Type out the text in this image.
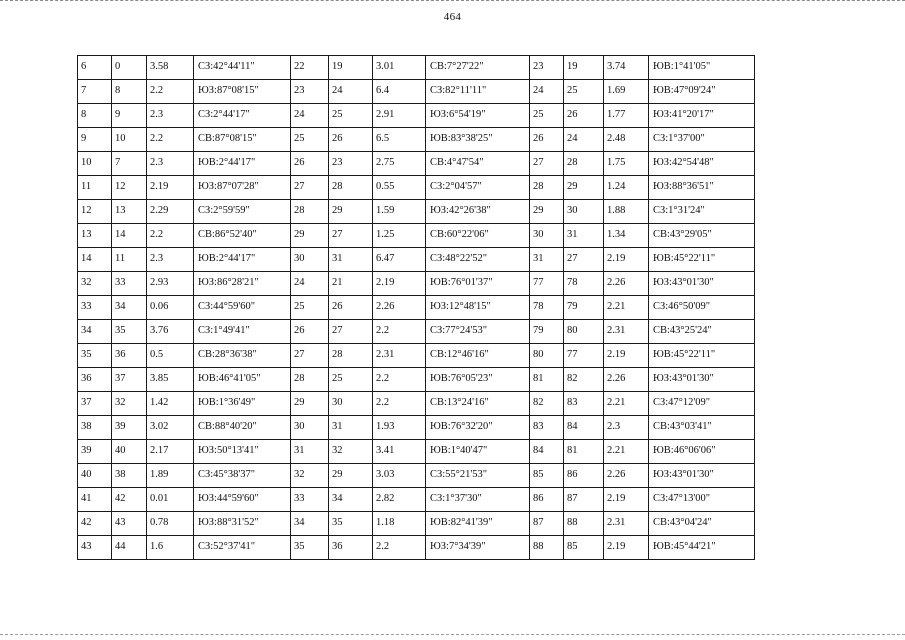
464
6	0	3.58	СЗ:42°44'11"	22	19	3.01	СВ:7°27'22"	23	19	3.74	ЮВ:1°41'05"
7	8	2.2	ЮЗ:87°08'15"	23	24	6.4	СЗ:82°11'11"	24	25	1.69	ЮВ:47°09'24"
8	9	2.3	СЗ:2°44'17"	24	25	2.91	ЮЗ:6°54'19"	25	26	1.77	ЮЗ:41°20'17"
9	10	2.2	СВ:87°08'15"	25	26	6.5	ЮВ:83°38'25"	26	24	2.48	СЗ:1°37'00"
10	7	2.3	ЮВ:2°44'17"	26	23	2.75	СВ:4°47'54"	27	28	1.75	ЮЗ:42°54'48"
11	12	2.19	ЮЗ:87°07'28"	27	28	0.55	СЗ:2°04'57"	28	29	1.24	ЮЗ:88°36'51"
12	13	2.29	СЗ:2°59'59"	28	29	1.59	ЮЗ:42°26'38"	29	30	1.88	СЗ:1°31'24"
13	14	2.2	СВ:86°52'40"	29	27	1.25	СВ:60°22'06"	30	31	1.34	СВ:43°29'05"
14	11	2.3	ЮВ:2°44'17"	30	31	6.47	СЗ:48°22'52"	31	27	2.19	ЮВ:45°22'11"
32	33	2.93	ЮЗ:86°28'21"	24	21	2.19	ЮВ:76°01'37"	77	78	2.26	ЮЗ:43°01'30"
33	34	0.06	СЗ:44°59'60"	25	26	2.26	ЮЗ:12°48'15"	78	79	2.21	СЗ:46°50'09"
34	35	3.76	СЗ:1°49'41"	26	27	2.2	СЗ:77°24'53"	79	80	2.31	СВ:43°25'24"
35	36	0.5	СВ:28°36'38"	27	28	2.31	СВ:12°46'16"	80	77	2.19	ЮВ:45°22'11"
36	37	3.85	ЮВ:46°41'05"	28	25	2.2	ЮВ:76°05'23"	81	82	2.26	ЮЗ:43°01'30"
37	32	1.42	ЮВ:1°36'49"	29	30	2.2	СВ:13°24'16"	82	83	2.21	СЗ:47°12'09"
38	39	3.02	СВ:88°40'20"	30	31	1.93	ЮВ:76°32'20"	83	84	2.3	СВ:43°03'41"
39	40	2.17	ЮЗ:50°13'41"	31	32	3.41	ЮВ:1°40'47"	84	81	2.21	ЮВ:46°06'06"
40	38	1.89	СЗ:45°38'37"	32	29	3.03	СЗ:55°21'53"	85	86	2.26	ЮЗ:43°01'30"
41	42	0.01	ЮЗ:44°59'60"	33	34	2.82	СЗ:1°37'30"	86	87	2.19	СЗ:47°13'00"
42	43	0.78	ЮЗ:88°31'52"	34	35	1.18	ЮВ:82°41'39"	87	88	2.31	СВ:43°04'24"
43	44	1.6	СЗ:52°37'41"	35	36	2.2	ЮЗ:7°34'39"	88	85	2.19	ЮВ:45°44'21"
